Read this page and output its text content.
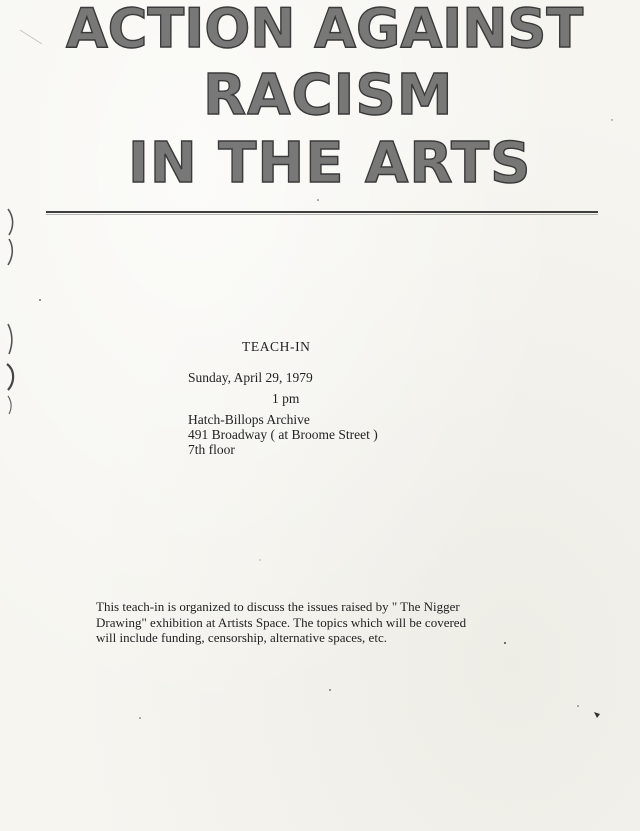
ACTION AGAINST
RACISM
IN THE ARTS

TEACH-IN

Sunday, April 29, 1979

1 pm

Hatch-Billops Archive

491 Broadway ( at Broome Street )

7th floor

This teach-in is organized to discuss the issues raised by " The Nigger
Drawing" exhibition at Artists Space. The topics which will be covered
will include funding, censorship, alternative spaces, etc.
